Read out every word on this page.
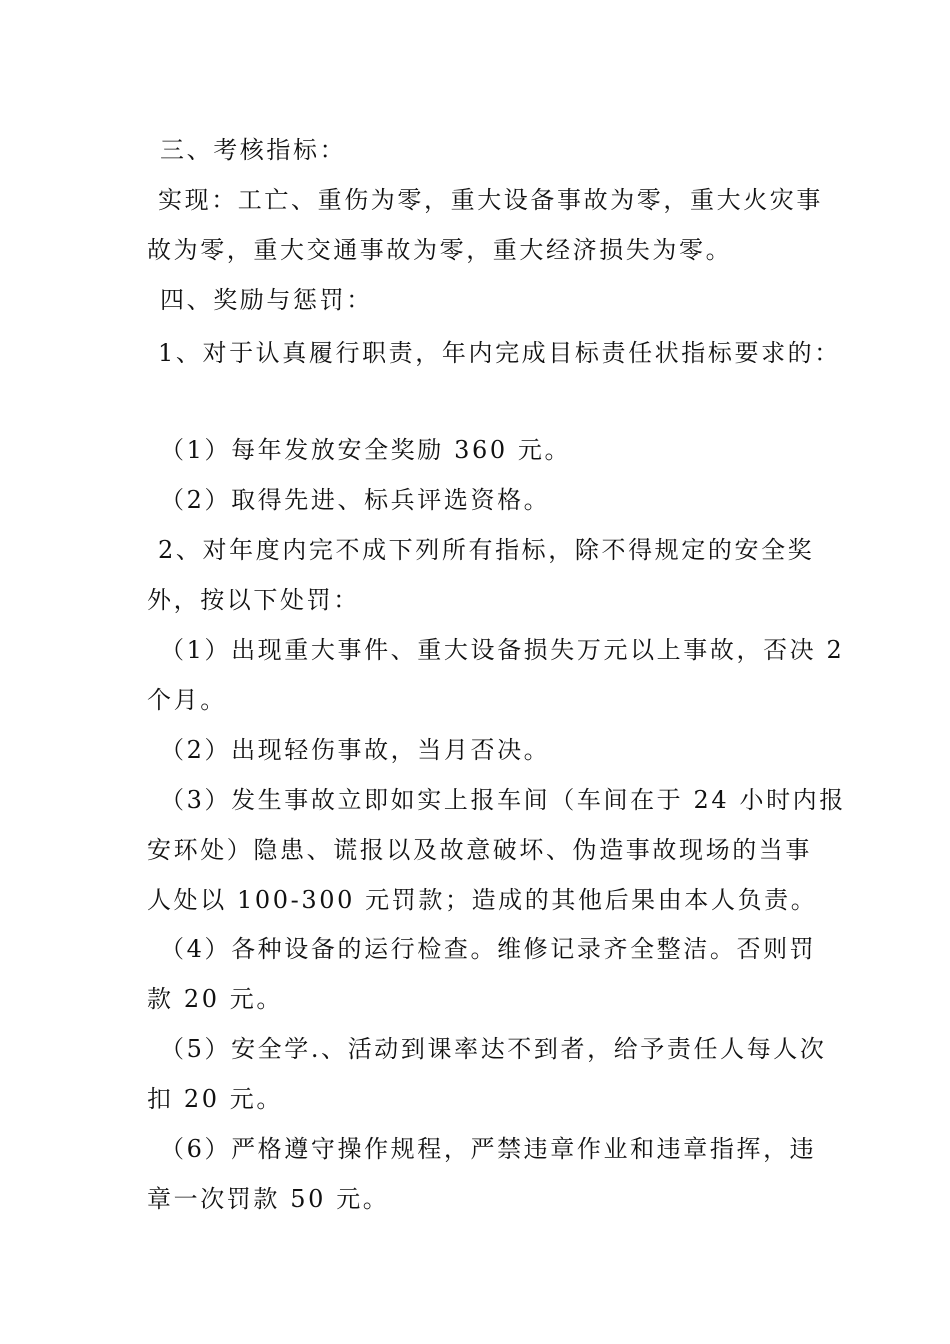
三、考核指标：
实现：工亡、重伤为零，重大设备事故为零，重大火灾事
故为零，重大交通事故为零，重大经济损失为零。
四、奖励与惩罚：
1、对于认真履行职责，年内完成目标责任状指标要求的：
（1）每年发放安全奖励 360 元。
（2）取得先进、标兵评选资格。
2、对年度内完不成下列所有指标，除不得规定的安全奖
外，按以下处罚：
（1）出现重大事件、重大设备损失万元以上事故，否决 2
个月。
（2）出现轻伤事故，当月否决。
（3）发生事故立即如实上报车间（车间在于 24 小时内报
安环处）隐患、谎报以及故意破坏、伪造事故现场的当事
人处以 100-300 元罚款；造成的其他后果由本人负责。
（4）各种设备的运行检查。维修记录齐全整洁。否则罚
款 20 元。
（5）安全学.、活动到课率达不到者，给予责任人每人次
扣 20 元。
（6）严格遵守操作规程，严禁违章作业和违章指挥，违
章一次罚款 50 元。
